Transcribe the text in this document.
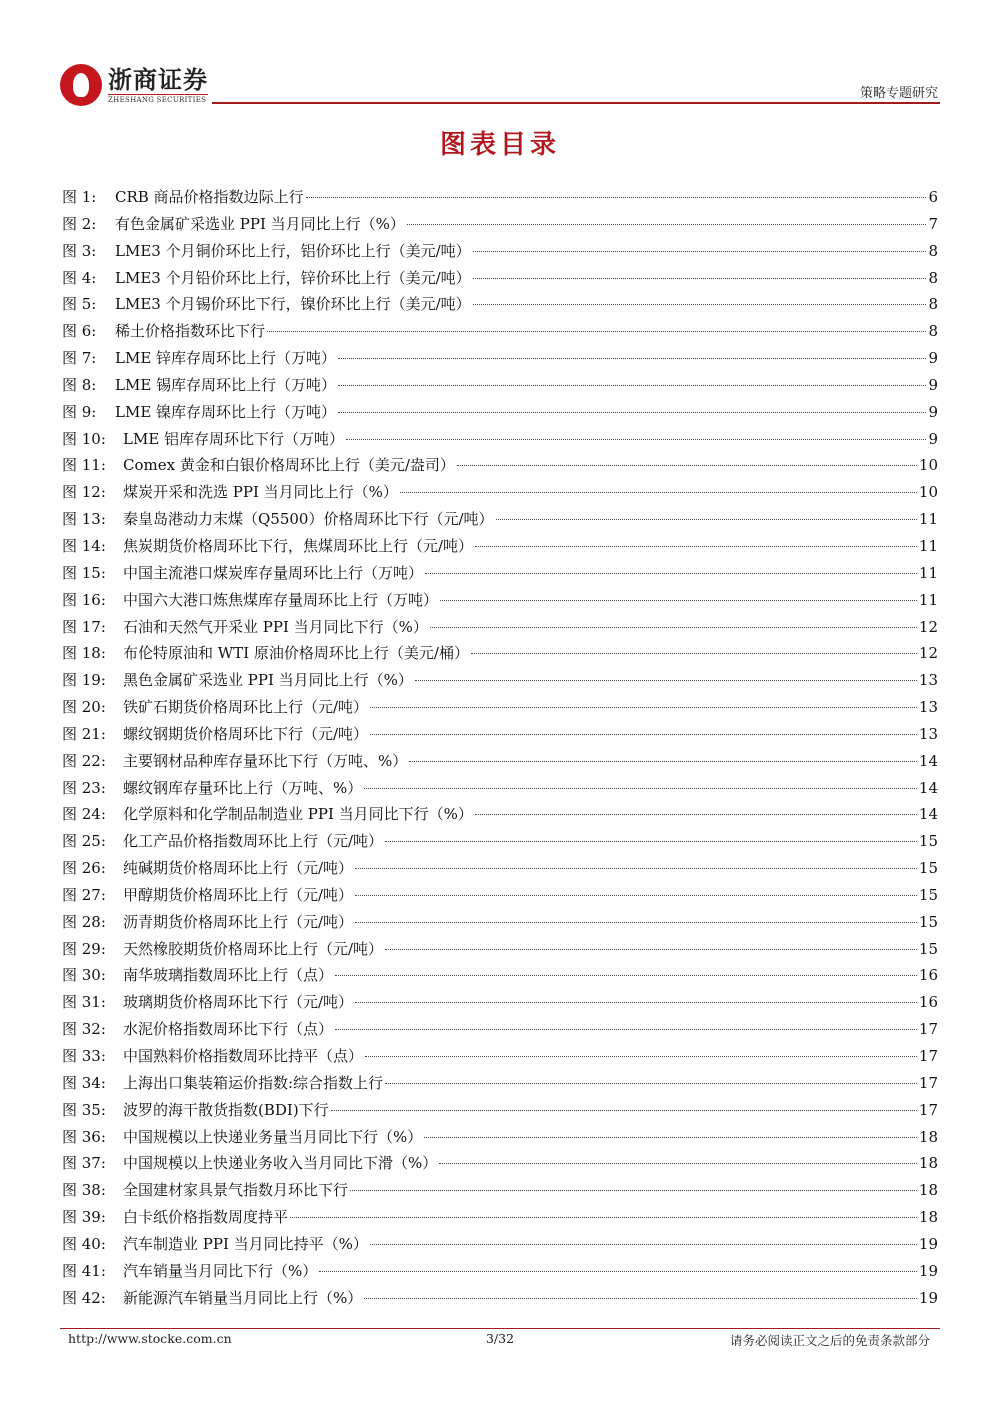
浙商证券
ZHESHANG SECURITIES	策略专题研究
图表目录
图 1:	CRB 商品价格指数边际上行	6
图 2:	有色金属矿采选业 PPI 当月同比上行（%）	7
图 3:	LME3 个月铜价环比上行，铝价环比上行（美元/吨）	8
图 4:	LME3 个月铅价环比上行，锌价环比上行（美元/吨）	8
图 5:	LME3 个月锡价环比下行，镍价环比上行（美元/吨）	8
图 6:	稀土价格指数环比下行	8
图 7:	LME 锌库存周环比上行（万吨）	9
图 8:	LME 锡库存周环比上行（万吨）	9
图 9:	LME 镍库存周环比上行（万吨）	9
图 10:	LME 铝库存周环比下行（万吨）	9
图 11:	Comex 黄金和白银价格周环比上行（美元/盎司）	10
图 12:	煤炭开采和洗选 PPI 当月同比上行（%）	10
图 13:	秦皇岛港动力末煤（Q5500）价格周环比下行（元/吨）	11
图 14:	焦炭期货价格周环比下行，焦煤周环比上行（元/吨）	11
图 15:	中国主流港口煤炭库存量周环比上行（万吨）	11
图 16:	中国六大港口炼焦煤库存量周环比上行（万吨）	11
图 17:	石油和天然气开采业 PPI 当月同比下行（%）	12
图 18:	布伦特原油和 WTI 原油价格周环比上行（美元/桶）	12
图 19:	黑色金属矿采选业 PPI 当月同比上行（%）	13
图 20:	铁矿石期货价格周环比上行（元/吨）	13
图 21:	螺纹钢期货价格周环比下行（元/吨）	13
图 22:	主要钢材品种库存量环比下行（万吨、%）	14
图 23:	螺纹钢库存量环比上行（万吨、%）	14
图 24:	化学原料和化学制品制造业 PPI 当月同比下行（%）	14
图 25:	化工产品价格指数周环比上行（元/吨）	15
图 26:	纯碱期货价格周环比上行（元/吨）	15
图 27:	甲醇期货价格周环比上行（元/吨）	15
图 28:	沥青期货价格周环比上行（元/吨）	15
图 29:	天然橡胶期货价格周环比上行（元/吨）	15
图 30:	南华玻璃指数周环比上行（点）	16
图 31:	玻璃期货价格周环比下行（元/吨）	16
图 32:	水泥价格指数周环比下行（点）	17
图 33:	中国熟料价格指数周环比持平（点）	17
图 34:	上海出口集装箱运价指数:综合指数上行	17
图 35:	波罗的海干散货指数(BDI)下行	17
图 36:	中国规模以上快递业务量当月同比下行（%）	18
图 37:	中国规模以上快递业务收入当月同比下滑（%）	18
图 38:	全国建材家具景气指数月环比下行	18
图 39:	白卡纸价格指数周度持平	18
图 40:	汽车制造业 PPI 当月同比持平（%）	19
图 41:	汽车销量当月同比下行（%）	19
图 42:	新能源汽车销量当月同比上行（%）	19
http://www.stocke.com.cn	3/32	请务必阅读正文之后的免责条款部分
